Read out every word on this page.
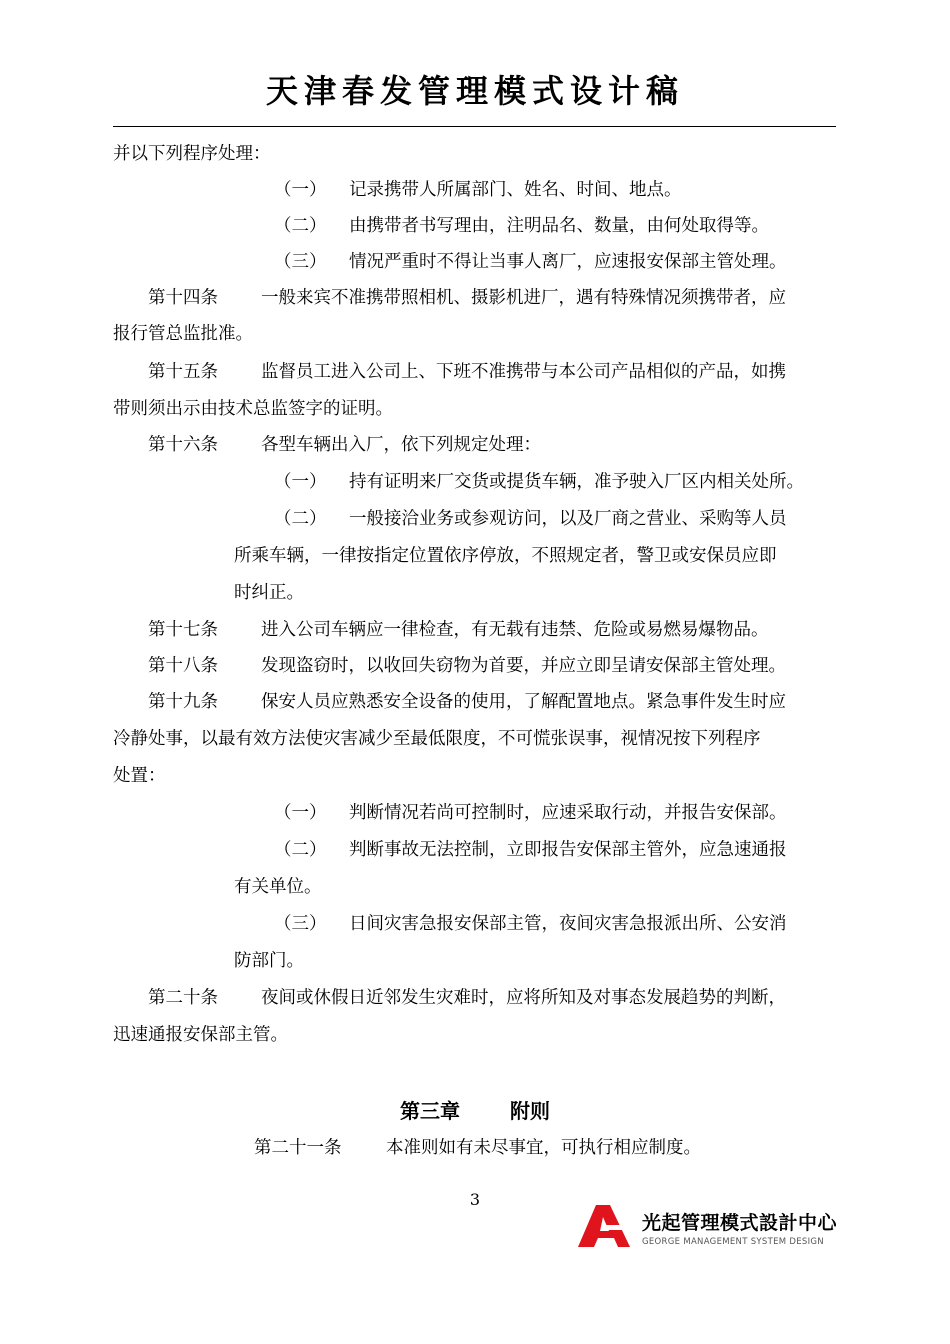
天津春发管理模式设计稿
并以下列程序处理：
（一） 记录携带人所属部门、姓名、时间、地点。
（二） 由携带者书写理由，注明品名、数量，由何处取得等。
（三） 情况严重时不得让当事人离厂，应速报安保部主管处理。
第十四条 一般来宾不准携带照相机、摄影机进厂，遇有特殊情况须携带者，应
报行管总监批准。
第十五条 监督员工进入公司上、下班不准携带与本公司产品相似的产品，如携
带则须出示由技术总监签字的证明。
第十六条 各型车辆出入厂，依下列规定处理：
（一） 持有证明来厂交货或提货车辆，准予驶入厂区内相关处所。
（二） 一般接洽业务或参观访问，以及厂商之营业、采购等人员
所乘车辆，一律按指定位置依序停放，不照规定者，警卫或安保员应即
时纠正。
第十七条 进入公司车辆应一律检查，有无载有违禁、危险或易燃易爆物品。
第十八条 发现盗窃时，以收回失窃物为首要，并应立即呈请安保部主管处理。
第十九条 保安人员应熟悉安全设备的使用，了解配置地点。紧急事件发生时应
冷静处事，以最有效方法使灾害减少至最低限度，不可慌张误事，视情况按下列程序
处置：
（一） 判断情况若尚可控制时，应速采取行动，并报告安保部。
（二） 判断事故无法控制，立即报告安保部主管外，应急速通报
有关单位。
（三） 日间灾害急报安保部主管，夜间灾害急报派出所、公安消
防部门。
第二十条 夜间或休假日近邻发生灾难时，应将所知及对事态发展趋势的判断，
迅速通报安保部主管。
第三章	附则
第二十一条	本准则如有未尽事宜，可执行相应制度。
3
光起管理模式設計中心
GEORGE MANAGEMENT SYSTEM DESIGN
